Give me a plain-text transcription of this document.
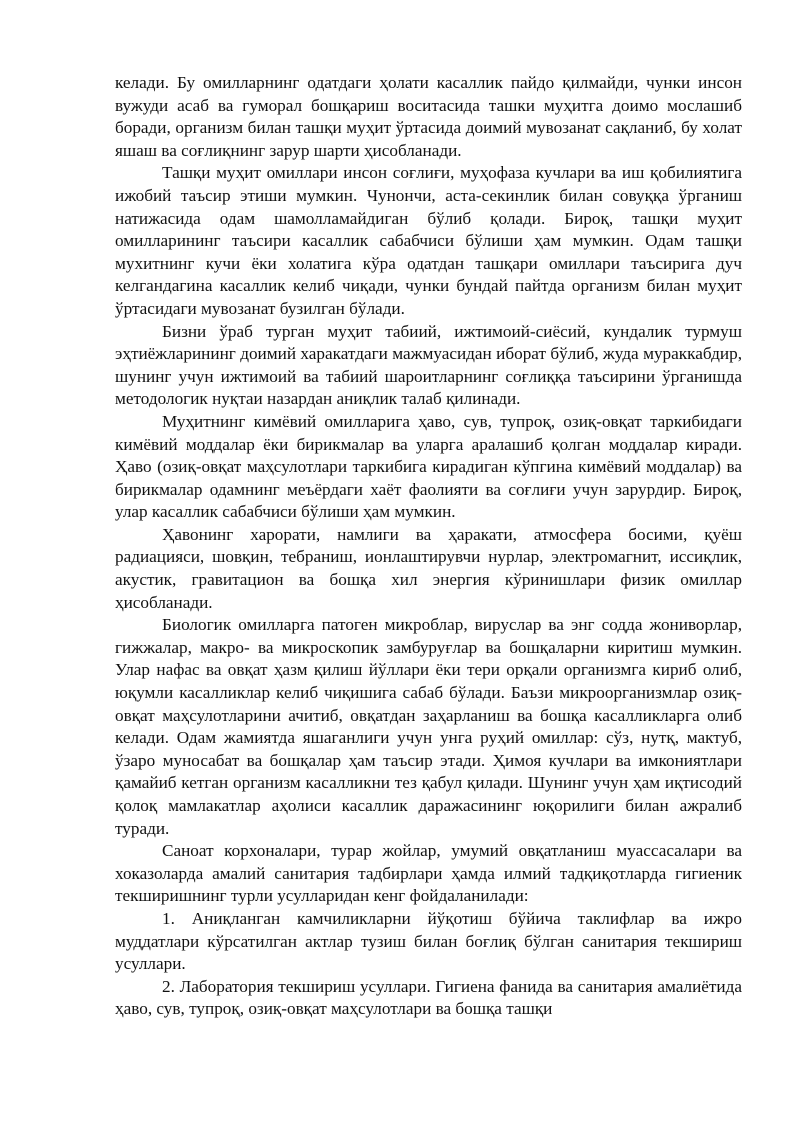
келади. Бу омилларнинг одатдаги ҳолати касаллик пайдо қилмайди, чунки инсон вужуди асаб ва гуморал бошқариш воситасида ташки муҳитга доимо мослашиб боради, организм билан ташқи муҳит ўртасида доимий мувозанат сақланиб, бу холат яшаш ва соғлиқнинг зарур шарти ҳисобланади.

Ташқи муҳит омиллари инсон соғлиғи, муҳофаза кучлари ва иш қобилиятига ижобий таъсир этиши мумкин. Чунончи, аста-секинлик билан совуққа ўрганиш натижасида одам шамолламайдиган бўлиб қолади. Бироқ, ташқи муҳит омилларининг таъсири касаллик сабабчиси бўлиши ҳам мумкин. Одам ташқи мухитнинг кучи ёки холатига кўра одатдан ташқари омиллари таъсирига дуч келгандагина касаллик келиб чиқади, чунки бундай пайтда организм билан муҳит ўртасидаги мувозанат бузилган бўлади.

Бизни ўраб турган муҳит табиий, ижтимоий-сиёсий, кундалик турмуш эҳтиёжларининг доимий харакатдаги мажмуасидан иборат бўлиб, жуда мураккабдир, шунинг учун ижтимоий ва табиий шароитларнинг соғлиққа таъсирини ўрганишда методологик нуқтаи назардан аниқлик талаб қилинади.

Муҳитнинг кимёвий омилларига ҳаво, сув, тупроқ, озиқ-овқат таркибидаги кимёвий моддалар ёки бирикмалар ва уларга аралашиб қолган моддалар киради. Ҳаво (озиқ-овқат маҳсулотлари таркибига кирадиган кўпгина кимёвий моддалар) ва бирикмалар одамнинг меъёрдаги хаёт фаолияти ва соғлиғи учун зарурдир. Бироқ, улар касаллик сабабчиси бўлиши ҳам мумкин.

Ҳавонинг харорати, намлиги ва ҳаракати, атмосфера босими, қуёш радиацияси, шовқин, тебраниш, ионлаштирувчи нурлар, электромагнит, иссиқлик, акустик, гравитацион ва бошқа хил энергия кўринишлари физик омиллар ҳисобланади.

Биологик омилларга патоген микроблар, вируслар ва энг содда жониворлар, гижжалар, макро- ва микроскопик замбуруғлар ва бошқаларни киритиш мумкин. Улар нафас ва овқат ҳазм қилиш йўллари ёки тери орқали организмга кириб олиб, юқумли касалликлар келиб чиқишига сабаб бўлади. Баъзи микроорганизмлар озиқ-овқат маҳсулотларини ачитиб, овқатдан заҳарланиш ва бошқа касалликларга олиб келади. Одам жамиятда яшаганлиги учун унга руҳий омиллар: сўз, нутқ, мактуб, ўзаро муносабат ва бошқалар ҳам таъсир этади. Ҳимоя кучлари ва имкониятлари қамайиб кетган организм касалликни тез қабул қилади. Шунинг учун ҳам иқтисодий қолоқ мамлакатлар аҳолиси касаллик даражасининг юқорилиги билан ажралиб туради.

Саноат корхоналари, турар жойлар, умумий овқатланиш муассасалари ва хоказоларда амалий санитария тадбирлари ҳамда илмий тадқиқотларда гигиеник текширишнинг турли усулларидан кенг фойдаланилади:

1. Аниқланган камчиликларни йўқотиш бўйича таклифлар ва ижро муддатлари кўрсатилган актлар тузиш билан боғлиқ бўлган санитария текшириш усуллари.

2. Лаборатория текшириш усуллари. Гигиена фанида ва санитария амалиётида ҳаво, сув, тупроқ, озиқ-овқат маҳсулотлари ва бошқа ташқи
